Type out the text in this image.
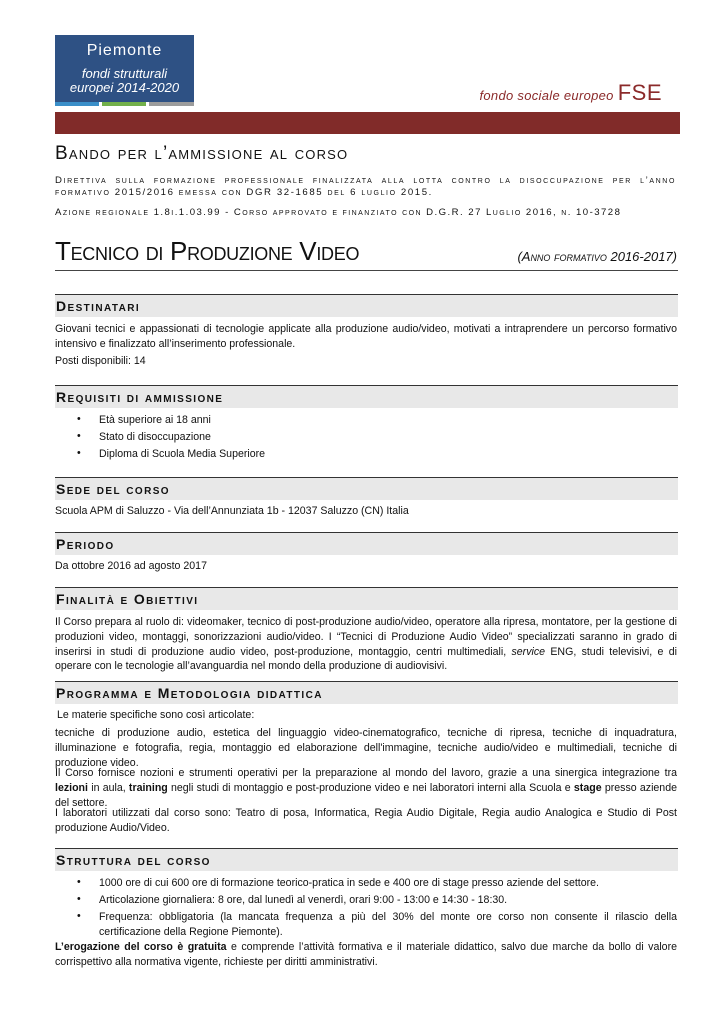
Piemonte
fondi strutturali
europei 2014-2020
fondo sociale europeo FSE
Bando per l’ammissione al corso
Direttiva sulla formazione professionale finalizzata alla lotta contro la disoccupazione per l’anno
formativo 2015/2016 emessa con DGR 32-1685 del 6 luglio 2015.
Azione regionale 1.8i.1.03.99 - Corso approvato e finanziato con D.G.R. 27 Luglio 2016, n. 10-3728
Tecnico di Produzione Video	(Anno formativo 2016-2017)
Destinatari
Giovani tecnici e appassionati di tecnologie applicate alla produzione audio/video, motivati a intraprendere un percorso formativo intensivo e finalizzato all’inserimento professionale.
Posti disponibili: 14
Requisiti di ammissione
• Età superiore ai 18 anni
• Stato di disoccupazione
• Diploma di Scuola Media Superiore
Sede del corso
Scuola APM di Saluzzo - Via dell’Annunziata 1b - 12037 Saluzzo (CN) Italia
Periodo
Da ottobre 2016 ad agosto 2017
Finalità e Obiettivi
Il Corso prepara al ruolo di: videomaker, tecnico di post-produzione audio/video, operatore alla ripresa, montatore, per la gestione di produzioni video, montaggi, sonorizzazioni audio/video. I “Tecnici di Produzione Audio Video” specializzati saranno in grado di inserirsi in studi di produzione audio video, post-produzione, montaggio, centri multimediali, service ENG, studi televisivi, e di operare con le tecnologie all’avanguardia nel mondo della produzione di audiovisivi.
Programma e Metodologia didattica
Le materie specifiche sono così articolate:
tecniche di produzione audio, estetica del linguaggio video-cinematografico, tecniche di ripresa, tecniche di inquadratura, illuminazione e fotografia, regia, montaggio ed elaborazione dell'immagine, tecniche audio/video e multimediali, tecniche di produzione video.
Il Corso fornisce nozioni e strumenti operativi per la preparazione al mondo del lavoro, grazie a una sinergica integrazione tra lezioni in aula, training negli studi di montaggio e post-produzione video e nei laboratori interni alla Scuola e stage presso aziende del settore.
I laboratori utilizzati dal corso sono: Teatro di posa, Informatica, Regia Audio Digitale, Regia audio Analogica e Studio di Post produzione Audio/Video.
Struttura del corso
• 1000 ore di cui 600 ore di formazione teorico-pratica in sede e 400 ore di stage presso aziende del settore.
• Articolazione giornaliera: 8 ore, dal lunedì al venerdì, orari 9:00 - 13:00 e 14:30 - 18:30.
• Frequenza: obbligatoria (la mancata frequenza a più del 30% del monte ore corso non consente il rilascio della certificazione della Regione Piemonte).
L’erogazione del corso è gratuita e comprende l’attività formativa e il materiale didattico, salvo due marche da bollo di valore corrispettivo alla normativa vigente, richieste per diritti amministrativi.
